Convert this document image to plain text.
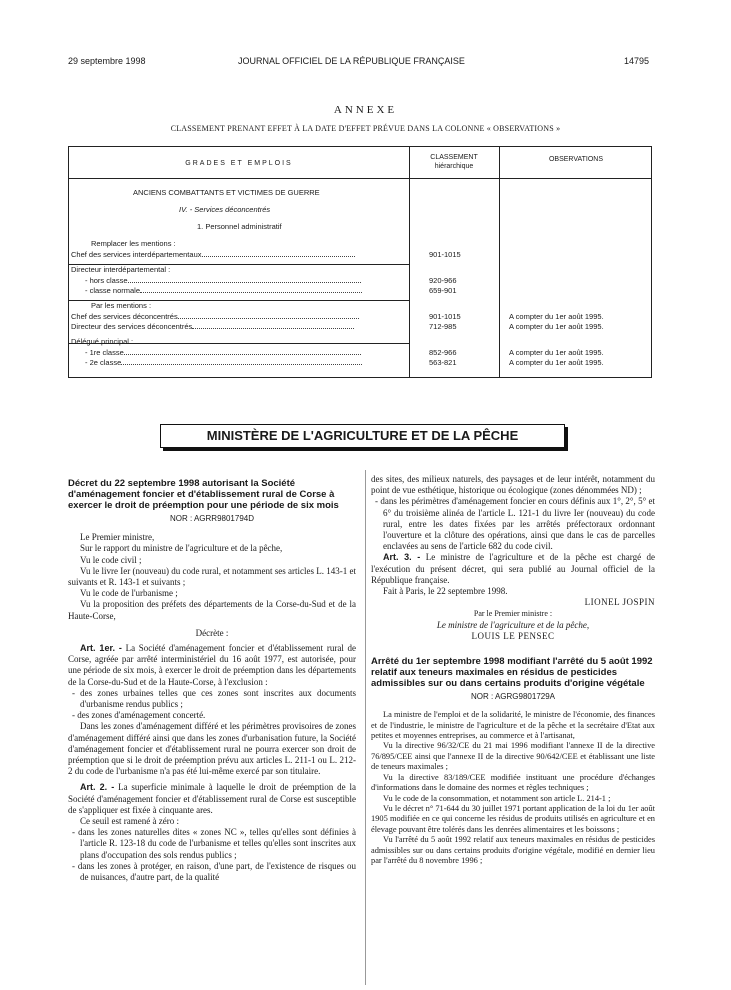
29 septembre 1998	JOURNAL OFFICIEL DE LA RÉPUBLIQUE FRANÇAISE	14795
ANNEXE
CLASSEMENT PRENANT EFFET À LA DATE D'EFFET PRÉVUE DANS LA COLONNE « OBSERVATIONS »
GRADES ET EMPLOIS
CLASSEMENT hiérarchique
OBSERVATIONS
ANCIENS COMBATTANTS ET VICTIMES DE GUERRE
IV. - Services déconcentrés
1. Personnel administratif
Remplacer les mentions :
Chef des services interdépartementaux	901-1015
Directeur interdépartemental :
- hors classe	920-966
- classe normale	659-901
Par les mentions :
Chef des services déconcentrés	901-1015	A compter du 1er août 1995.
Directeur des services déconcentrés	712-985	A compter du 1er août 1995.
Délégué principal :
- 1re classe	852-966	A compter du 1er août 1995.
- 2e classe	563-821	A compter du 1er août 1995.
MINISTÈRE DE L'AGRICULTURE ET DE LA PÊCHE

Décret du 22 septembre 1998 autorisant la Société d'aménagement foncier et d'établissement rural de Corse à exercer le droit de préemption pour une période de six mois

NOR : AGRR9801794D

Le Premier ministre,

Sur le rapport du ministre de l'agriculture et de la pêche,

Vu le code civil ;

Vu le livre Ier (nouveau) du code rural, et notamment ses articles L. 143-1 et suivants et R. 143-1 et suivants ;

Vu le code de l'urbanisme ;

Vu la proposition des préfets des départements de la Corse-du-Sud et de la Haute-Corse,

Décrète :

Art. 1er. - La Société d'aménagement foncier et d'établissement rural de Corse, agréée par arrêté interministériel du 16 août 1977, est autorisée, pour une période de six mois, à exercer le droit de préemption dans les départements de la Corse-du-Sud et de la Haute-Corse, à l'exclusion :

- des zones urbaines telles que ces zones sont inscrites aux documents d'urbanisme rendus publics ;

- des zones d'aménagement concerté.

Dans les zones d'aménagement différé et les périmètres provisoires de zones d'aménagement différé ainsi que dans les zones d'urbanisation future, la Société d'aménagement foncier et d'établissement rural ne pourra exercer son droit de préemption que si le droit de préemption prévu aux articles L. 211-1 ou L. 212-2 du code de l'urbanisme n'a pas été lui-même exercé par son titulaire.

Art. 2. - La superficie minimale à laquelle le droit de préemption de la Société d'aménagement foncier et d'établissement rural de Corse est susceptible de s'appliquer est fixée à cinquante ares.

Ce seuil est ramené à zéro :

- dans les zones naturelles dites « zones NC », telles qu'elles sont définies à l'article R. 123-18 du code de l'urbanisme et telles qu'elles sont inscrites aux plans d'occupation des sols rendus publics ;

- dans les zones à protéger, en raison, d'une part, de l'existence de risques ou de nuisances, d'autre part, de la qualité

des sites, des milieux naturels, des paysages et de leur intérêt, notamment du point de vue esthétique, historique ou écologique (zones dénommées ND) ;

- dans les périmètres d'aménagement foncier en cours définis aux 1°, 2°, 5° et 6° du troisième alinéa de l'article L. 121-1 du livre Ier (nouveau) du code rural, entre les dates fixées par les arrêtés préfectoraux ordonnant l'ouverture et la clôture des opérations, ainsi que dans le cas de parcelles enclavées au sens de l'article 682 du code civil.

Art. 3. - Le ministre de l'agriculture et de la pêche est chargé de l'exécution du présent décret, qui sera publié au Journal officiel de la République française.

Fait à Paris, le 22 septembre 1998.

LIONEL JOSPIN

Par le Premier ministre :

Le ministre de l'agriculture et de la pêche,

LOUIS LE PENSEC

Arrêté du 1er septembre 1998 modifiant l'arrêté du 5 août 1992 relatif aux teneurs maximales en résidus de pesticides admissibles sur ou dans certains produits d'origine végétale

NOR : AGRG9801729A

La ministre de l'emploi et de la solidarité, le ministre de l'économie, des finances et de l'industrie, le ministre de l'agriculture et de la pêche et la secrétaire d'Etat aux petites et moyennes entreprises, au commerce et à l'artisanat,

Vu la directive 96/32/CE du 21 mai 1996 modifiant l'annexe II de la directive 76/895/CEE ainsi que l'annexe II de la directive 90/642/CEE et établissant une liste de teneurs maximales ;

Vu la directive 83/189/CEE modifiée instituant une procédure d'échanges d'informations dans le domaine des normes et règles techniques ;

Vu le code de la consommation, et notamment son article L. 214-1 ;

Vu le décret n° 71-644 du 30 juillet 1971 portant application de la loi du 1er août 1905 modifiée en ce qui concerne les résidus de produits utilisés en agriculture et en élevage pouvant être tolérés dans les denrées alimentaires et les boissons ;

Vu l'arrêté du 5 août 1992 relatif aux teneurs maximales en résidus de pesticides admissibles sur ou dans certains produits d'origine végétale, modifié en dernier lieu par l'arrêté du 8 novembre 1996 ;
